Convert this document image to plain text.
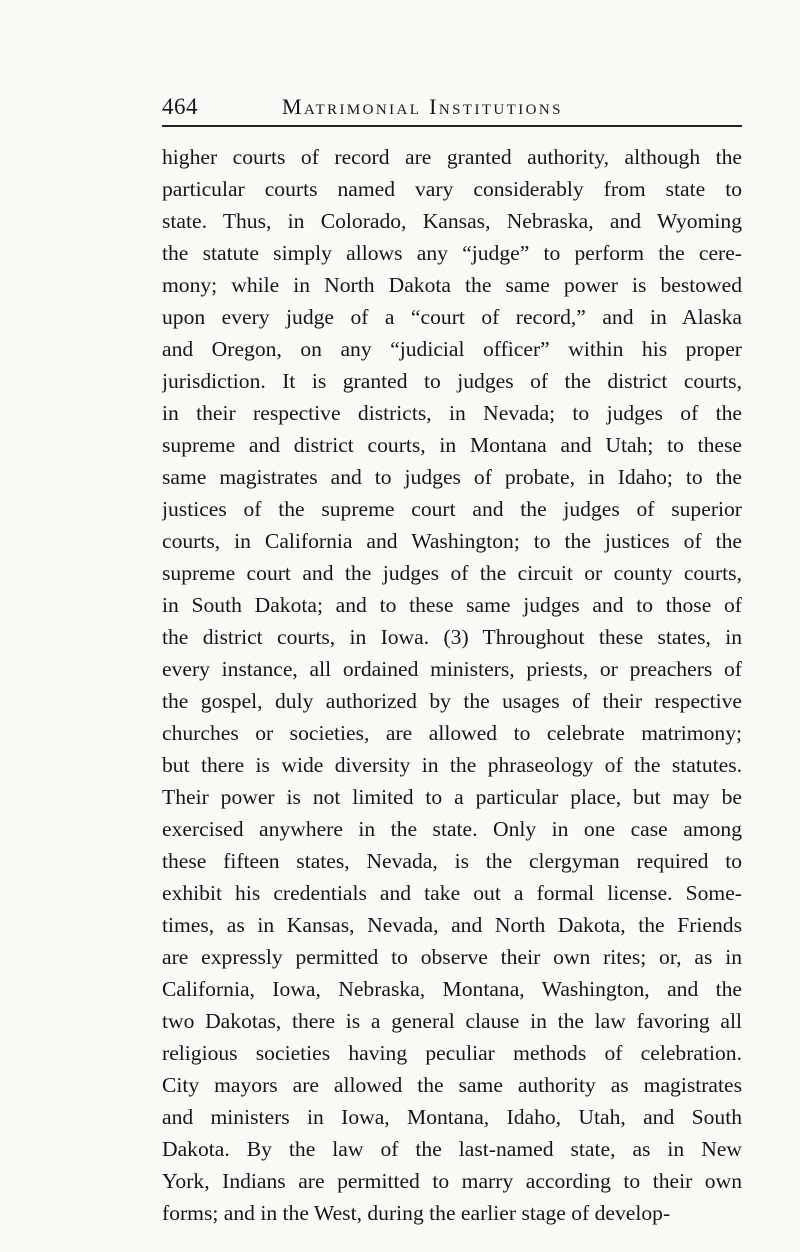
464	Matrimonial Institutions
higher courts of record are granted authority, although the
particular courts named vary considerably from state to
state. Thus, in Colorado, Kansas, Nebraska, and Wyoming
the statute simply allows any “judge” to perform the cere-
mony; while in North Dakota the same power is bestowed
upon every judge of a “court of record,” and in Alaska
and Oregon, on any “judicial officer” within his proper
jurisdiction. It is granted to judges of the district courts,
in their respective districts, in Nevada; to judges of the
supreme and district courts, in Montana and Utah; to these
same magistrates and to judges of probate, in Idaho; to the
justices of the supreme court and the judges of superior
courts, in California and Washington; to the justices of the
supreme court and the judges of the circuit or county courts,
in South Dakota; and to these same judges and to those of
the district courts, in Iowa. (3) Throughout these states, in
every instance, all ordained ministers, priests, or preachers of
the gospel, duly authorized by the usages of their respective
churches or societies, are allowed to celebrate matrimony;
but there is wide diversity in the phraseology of the statutes.
Their power is not limited to a particular place, but may be
exercised anywhere in the state. Only in one case among
these fifteen states, Nevada, is the clergyman required to
exhibit his credentials and take out a formal license. Some-
times, as in Kansas, Nevada, and North Dakota, the Friends
are expressly permitted to observe their own rites; or, as in
California, Iowa, Nebraska, Montana, Washington, and the
two Dakotas, there is a general clause in the law favoring all
religious societies having peculiar methods of celebration.
City mayors are allowed the same authority as magistrates
and ministers in Iowa, Montana, Idaho, Utah, and South
Dakota. By the law of the last-named state, as in New
York, Indians are permitted to marry according to their own
forms; and in the West, during the earlier stage of develop-
